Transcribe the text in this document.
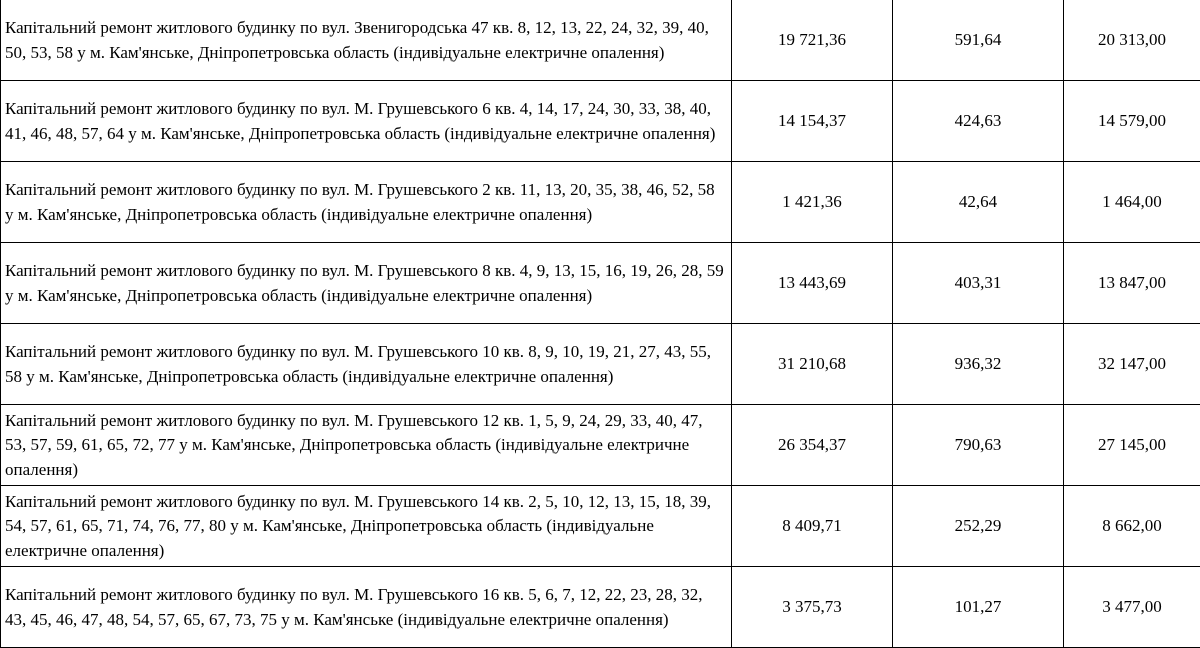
Капітальний ремонт житлового будинку по вул. Звенигородська 47 кв. 8, 12, 13, 22, 24, 32, 39, 40, 50, 53, 58 у м. Кам'янське, Дніпропетровська область (індивідуальне електричне опалення)	19 721,36	591,64	20 313,00
Капітальний ремонт житлового будинку по вул. М. Грушевського 6 кв. 4, 14, 17, 24, 30, 33, 38, 40, 41, 46, 48, 57, 64 у м. Кам'янське, Дніпропетровська область (індивідуальне електричне опалення)	14 154,37	424,63	14 579,00
Капітальний ремонт житлового будинку по вул. М. Грушевського 2 кв. 11, 13, 20, 35, 38, 46, 52, 58 у м. Кам'янське, Дніпропетровська область (індивідуальне електричне опалення)	1 421,36	42,64	1 464,00
Капітальний ремонт житлового будинку по вул. М. Грушевського 8 кв. 4, 9, 13, 15, 16, 19, 26, 28, 59 у м. Кам'янське, Дніпропетровська область (індивідуальне електричне опалення)	13 443,69	403,31	13 847,00
Капітальний ремонт житлового будинку по вул. М. Грушевського 10 кв. 8, 9, 10, 19, 21, 27, 43, 55, 58 у м. Кам'янське, Дніпропетровська область (індивідуальне електричне опалення)	31 210,68	936,32	32 147,00
Капітальний ремонт житлового будинку по вул. М. Грушевського 12 кв. 1, 5, 9, 24, 29, 33, 40, 47, 53, 57, 59, 61, 65, 72, 77 у м. Кам'янське, Дніпропетровська область (індивідуальне електричне опалення)	26 354,37	790,63	27 145,00
Капітальний ремонт житлового будинку по вул. М. Грушевського 14 кв. 2, 5, 10, 12, 13, 15, 18, 39, 54, 57, 61, 65, 71, 74, 76, 77, 80 у м. Кам'янське, Дніпропетровська область (індивідуальне електричне опалення)	8 409,71	252,29	8 662,00
Капітальний ремонт житлового будинку по вул. М. Грушевського 16 кв. 5, 6, 7, 12, 22, 23, 28, 32, 43, 45, 46, 47, 48, 54, 57, 65, 67, 73, 75 у м. Кам'янське (індивідуальне електричне опалення)	3 375,73	101,27	3 477,00
